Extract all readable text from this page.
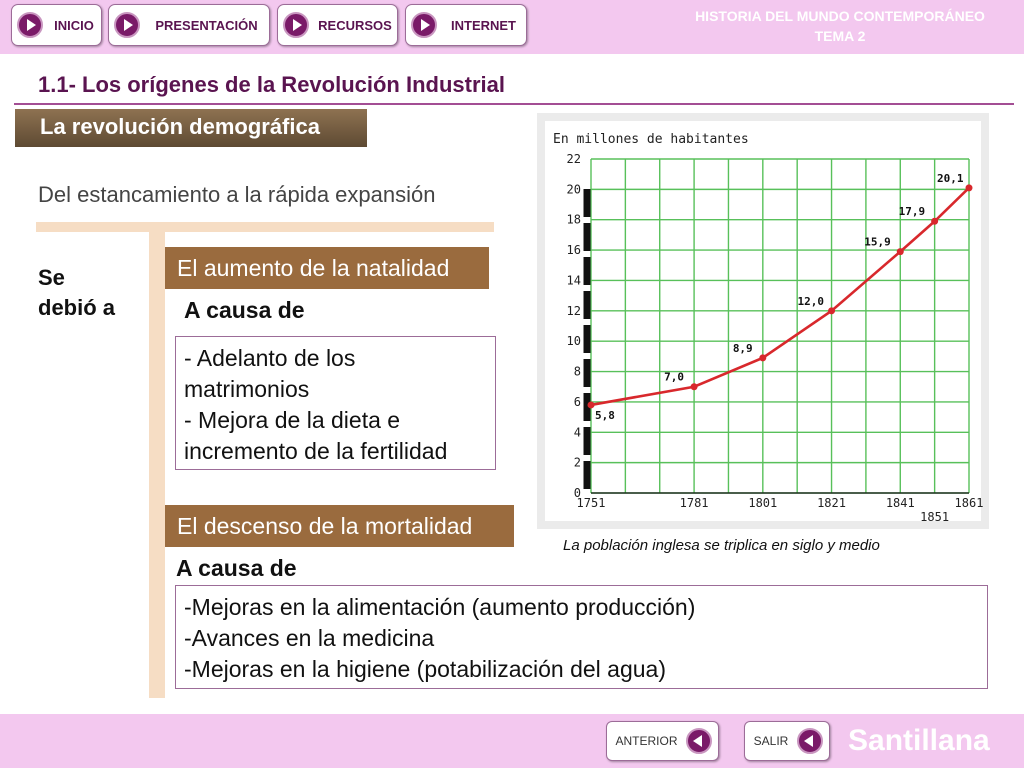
INICIO	PRESENTACIÓN	RECURSOS	INTERNET
HISTORIA DEL MUNDO CONTEMPORÁNEO
TEMA 2
1.1- Los orígenes de la Revolución Industrial
La revolución demográfica
Del estancamiento a la rápida expansión
Se
debió a
El aumento de la natalidad
A causa de
- Adelanto de los
matrimonios
- Mejora de la dieta e
incremento de la fertilidad
El descenso de la mortalidad
A causa de
-Mejoras en la alimentación (aumento producción)
-Avances en la medicina
-Mejoras en la higiene (potabilización del agua)
En millones de habitantes
0
2
4
6
8
10
12
14
16
18
20
22
1751	1781	1801	1821	1841
1851
1861
5,8
7,0
8,9
12,0
15,9
17,9
20,1
La población inglesa se triplica en siglo y medio
ANTERIOR	SALIR Santillana
